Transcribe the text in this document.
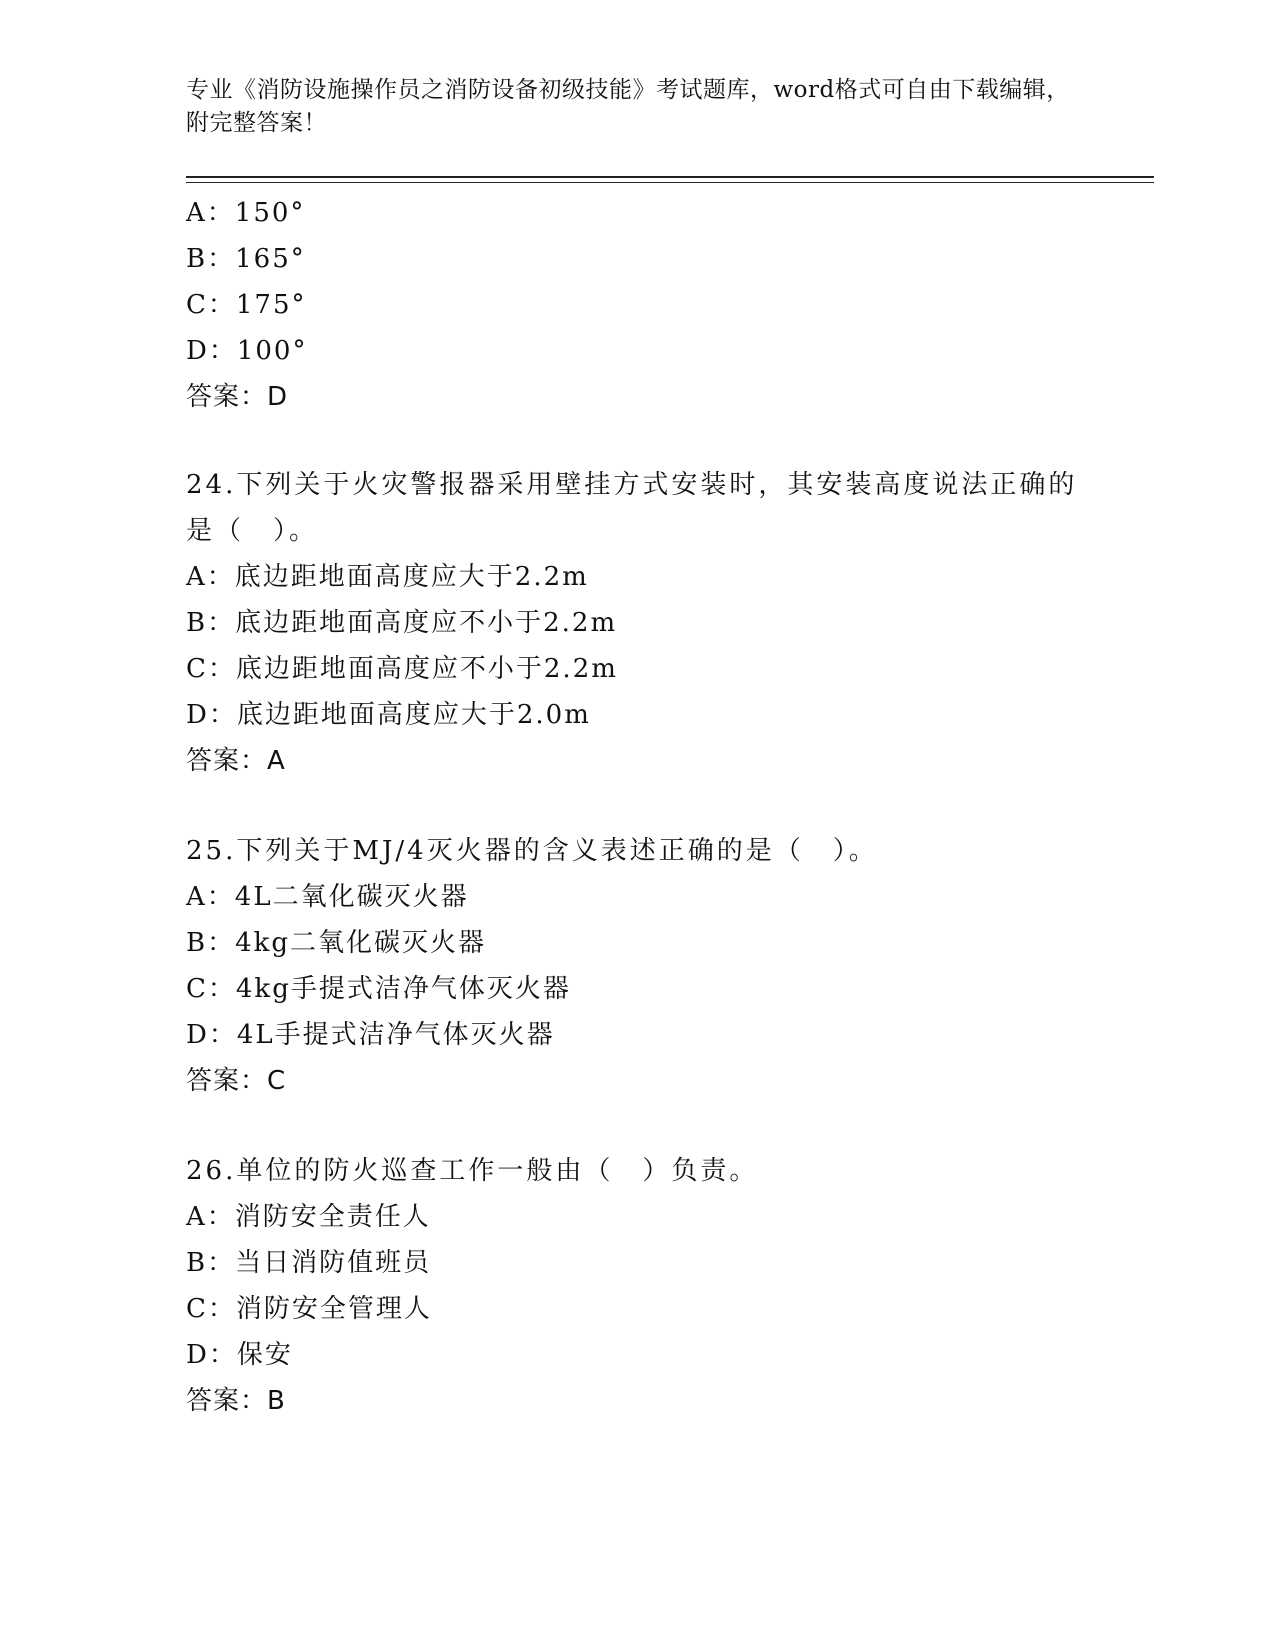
专业《消防设施操作员之消防设备初级技能》考试题库，word格式可自由下载编辑，附完整答案！
A：150°
B：165°
C：175°
D：100°
答案：D
24.下列关于火灾警报器采用壁挂方式安装时，其安装高度说法正确的是（　）。
A：底边距地面高度应大于2.2m
B：底边距地面高度应不小于2.2m
C：底边距地面高度应不小于2.2m
D：底边距地面高度应大于2.0m
答案：A
25.下列关于MJ/4灭火器的含义表述正确的是（　）。
A：4L二氧化碳灭火器
B：4kg二氧化碳灭火器
C：4kg手提式洁净气体灭火器
D：4L手提式洁净气体灭火器
答案：C
26.单位的防火巡查工作一般由（　）负责。
A：消防安全责任人
B：当日消防值班员
C：消防安全管理人
D：保安
答案：B
